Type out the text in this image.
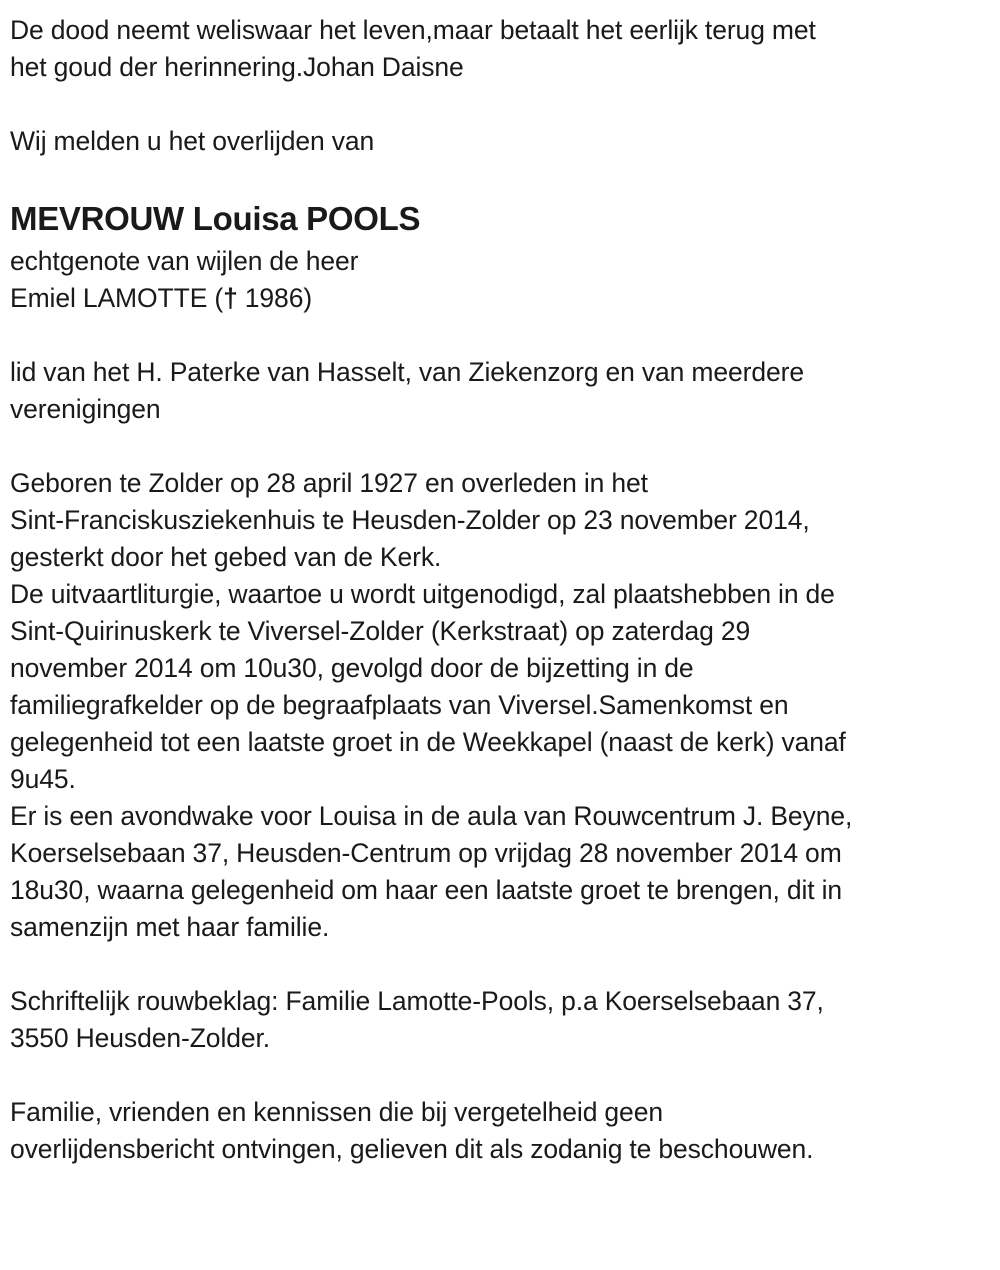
De dood neemt weliswaar het leven,maar betaalt het eerlijk terug met
het goud der herinnering.Johan Daisne
Wij melden u het overlijden van
MEVROUW Louisa POOLS
echtgenote van wijlen de heer
Emiel LAMOTTE († 1986)
lid van het H. Paterke van Hasselt, van Ziekenzorg en van meerdere
verenigingen
Geboren te Zolder op 28 april 1927 en overleden in het
Sint-Franciskusziekenhuis te Heusden-Zolder op 23 november 2014,
gesterkt door het gebed van de Kerk.
De uitvaartliturgie, waartoe u wordt uitgenodigd, zal plaatshebben in de
Sint-Quirinuskerk te Viversel-Zolder (Kerkstraat) op zaterdag 29
november 2014 om 10u30, gevolgd door de bijzetting in de
familiegrafkelder op de begraafplaats van Viversel.Samenkomst en
gelegenheid tot een laatste groet in de Weekkapel (naast de kerk) vanaf
9u45.
Er is een avondwake voor Louisa in de aula van Rouwcentrum J. Beyne,
Koerselsebaan 37, Heusden-Centrum op vrijdag 28 november 2014 om
18u30, waarna gelegenheid om haar een laatste groet te brengen, dit in
samenzijn met haar familie.
Schriftelijk rouwbeklag: Familie Lamotte-Pools, p.a Koerselsebaan 37,
3550 Heusden-Zolder.
Familie, vrienden en kennissen die bij vergetelheid geen
overlijdensbericht ontvingen, gelieven dit als zodanig te beschouwen.
